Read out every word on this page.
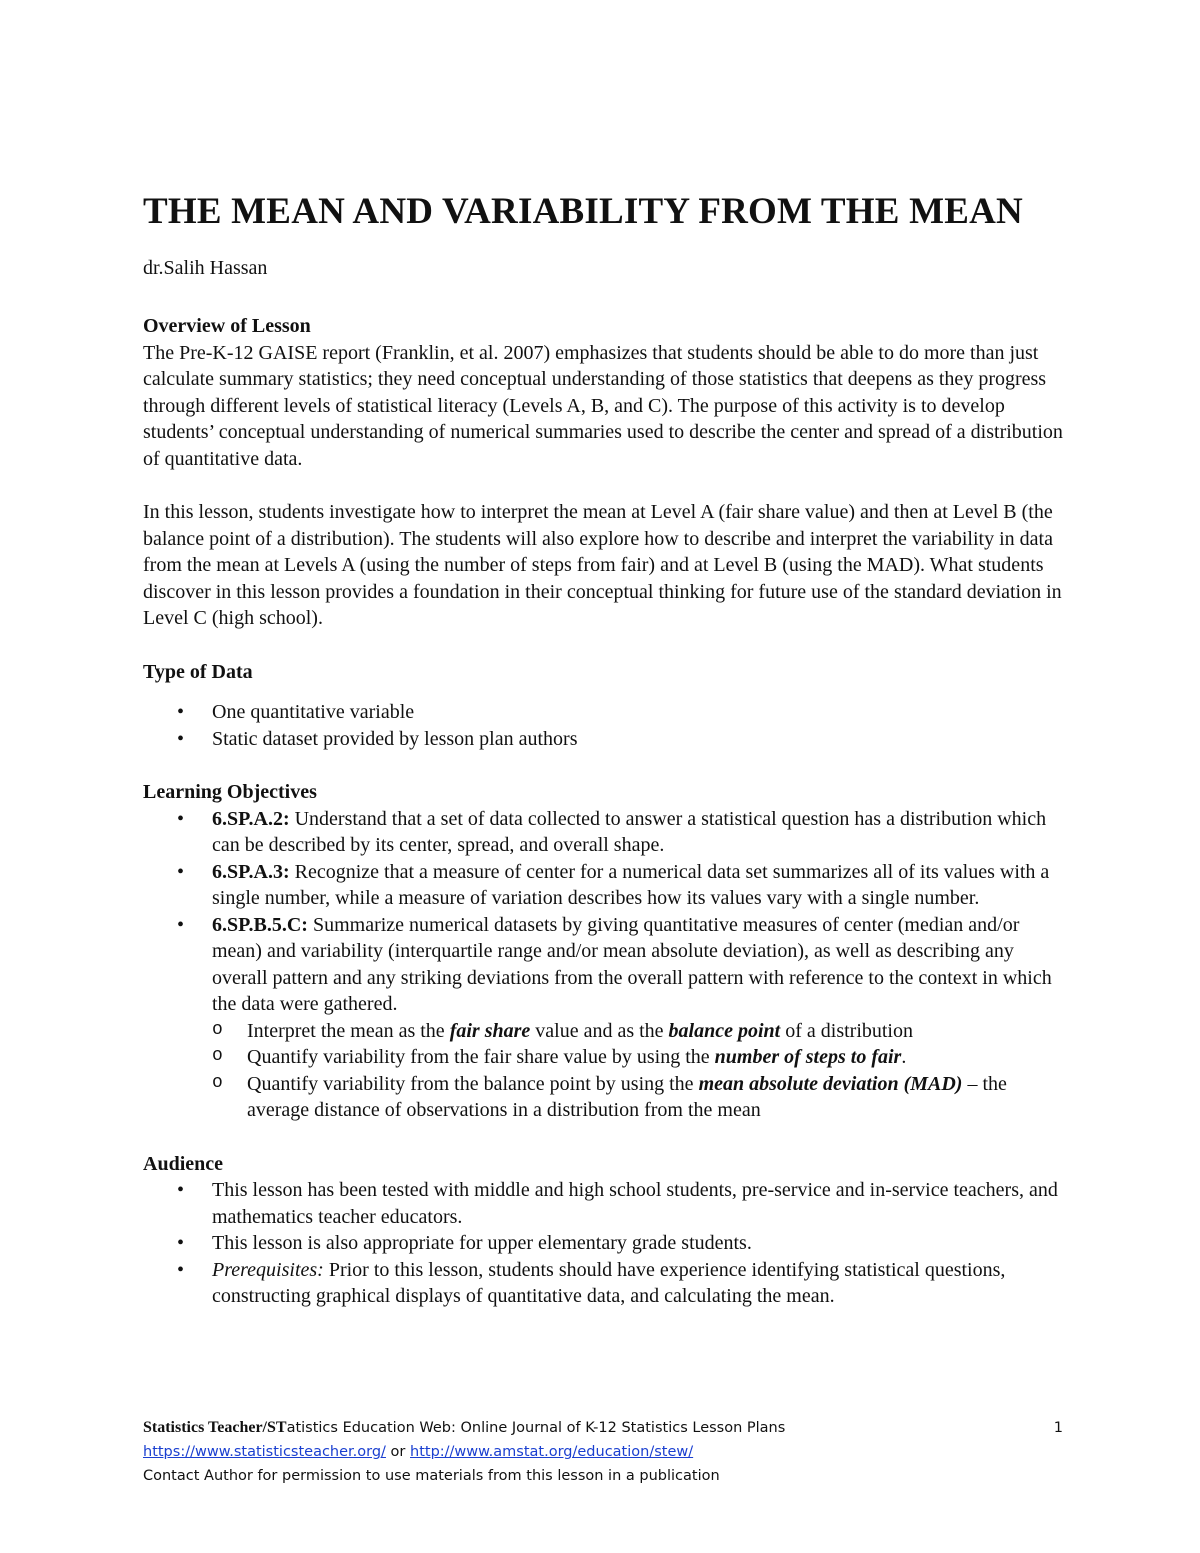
THE MEAN AND VARIABILITY FROM THE MEAN
dr.Salih Hassan
Overview of Lesson

The Pre-K-12 GAISE report (Franklin, et al. 2007) emphasizes that students should be able to do more than just calculate summary statistics; they need conceptual understanding of those statistics that deepens as they progress through different levels of statistical literacy (Levels A, B, and C). The purpose of this activity is to develop students’ conceptual understanding of numerical summaries used to describe the center and spread of a distribution of quantitative data.

In this lesson, students investigate how to interpret the mean at Level A (fair share value) and then at Level B (the balance point of a distribution). The students will also explore how to describe and interpret the variability in data from the mean at Levels A (using the number of steps from fair) and at Level B (using the MAD). What students discover in this lesson provides a foundation in their conceptual thinking for future use of the standard deviation in Level C (high school).

Type of Data
• One quantitative variable
• Static dataset provided by lesson plan authors
Learning Objectives
• 6.SP.A.2: Understand that a set of data collected to answer a statistical question has a distribution which can be described by its center, spread, and overall shape.
• 6.SP.A.3: Recognize that a measure of center for a numerical data set summarizes all of its values with a single number, while a measure of variation describes how its values vary with a single number.
• 6.SP.B.5.C: Summarize numerical datasets by giving quantitative measures of center (median and/or mean) and variability (interquartile range and/or mean absolute deviation), as well as describing any overall pattern and any striking deviations from the overall pattern with reference to the context in which the data were gathered.
o Interpret the mean as the fair share value and as the balance point of a distribution
o Quantify variability from the fair share value by using the number of steps to fair.
o Quantify variability from the balance point by using the mean absolute deviation (MAD) – the average distance of observations in a distribution from the mean
Audience
• This lesson has been tested with middle and high school students, pre-service and in-service teachers, and mathematics teacher educators.
• This lesson is also appropriate for upper elementary grade students.
• Prerequisites: Prior to this lesson, students should have experience identifying statistical questions, constructing graphical displays of quantitative data, and calculating the mean.
Statistics Teacher/STatistics Education Web: Online Journal of K-12 Statistics Lesson Plans	1
https://www.statisticsteacher.org/ or http://www.amstat.org/education/stew/
Contact Author for permission to use materials from this lesson in a publication
